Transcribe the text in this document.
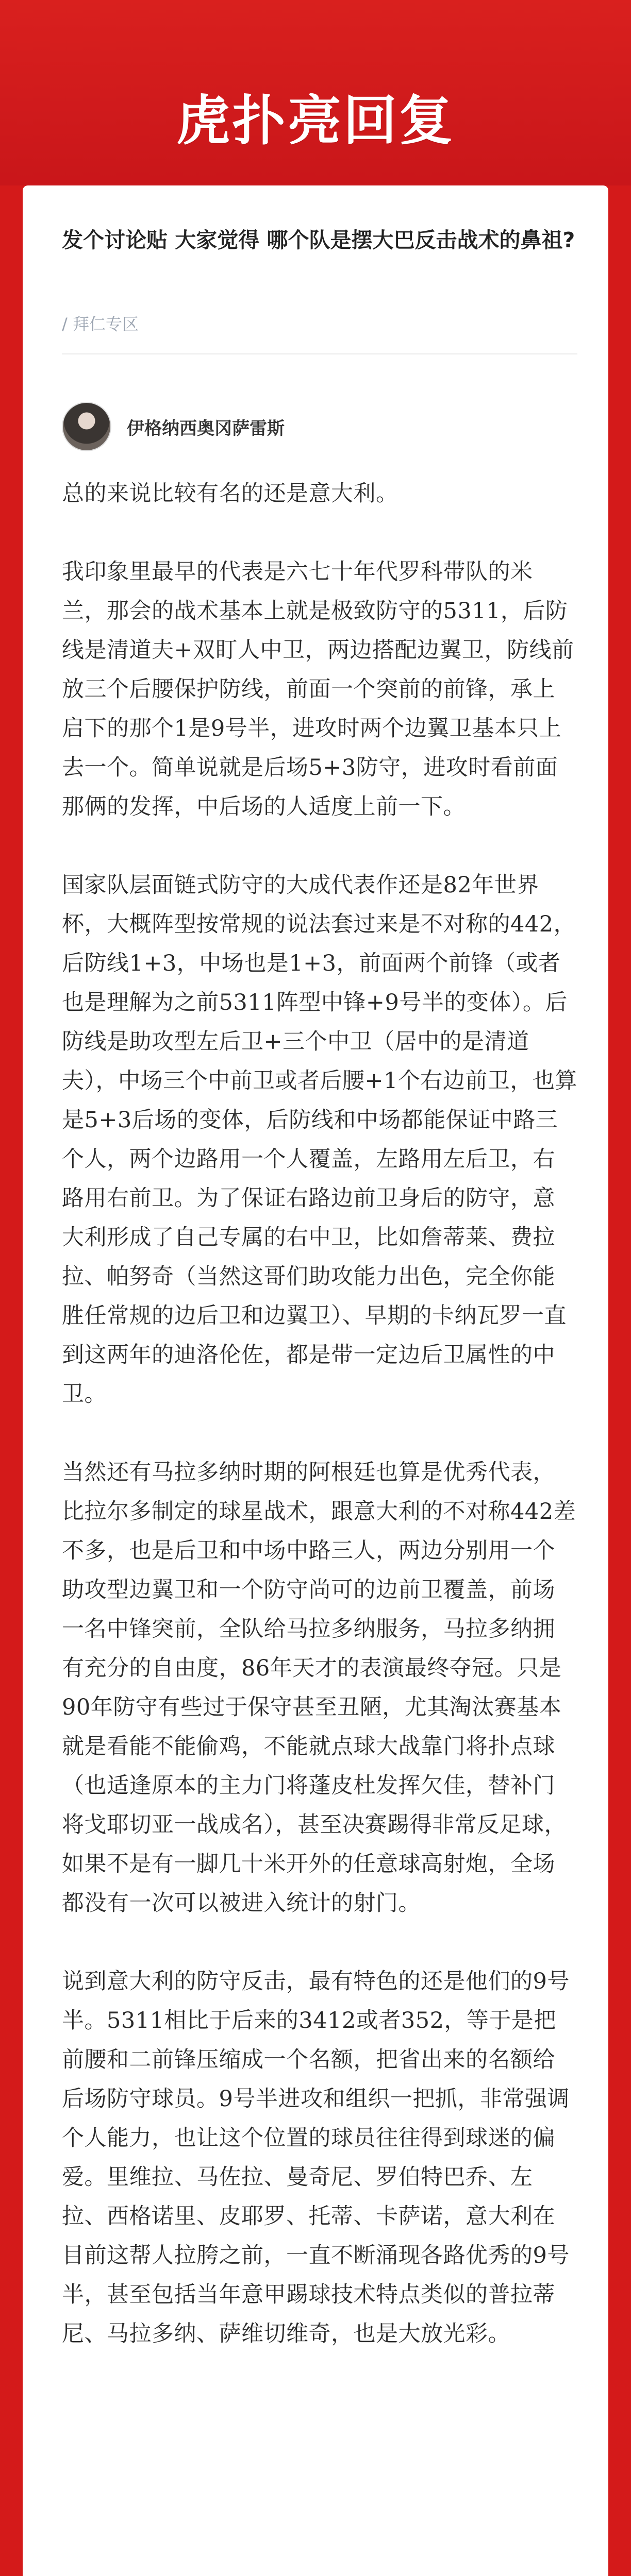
虎扑亮回复
发个讨论贴 大家觉得 哪个队是摆大巴反击战术的鼻祖?
/ 拜仁专区
伊格纳西奥冈萨雷斯

总的来说比较有名的还是意大利。

我印象里最早的代表是六七十年代罗科带队的米兰，那会的战术基本上就是极致防守的5311，后防线是清道夫+双盯人中卫，两边搭配边翼卫，防线前放三个后腰保护防线，前面一个突前的前锋，承上启下的那个1是9号半，进攻时两个边翼卫基本只上去一个。简单说就是后场5+3防守，进攻时看前面那俩的发挥，中后场的人适度上前一下。

国家队层面链式防守的大成代表作还是82年世界杯，大概阵型按常规的说法套过来是不对称的442，后防线1+3，中场也是1+3，前面两个前锋（或者也是理解为之前5311阵型中锋+9号半的变体）。后防线是助攻型左后卫+三个中卫（居中的是清道夫），中场三个中前卫或者后腰+1个右边前卫，也算是5+3后场的变体，后防线和中场都能保证中路三个人，两个边路用一个人覆盖，左路用左后卫，右路用右前卫。为了保证右路边前卫身后的防守，意大利形成了自己专属的右中卫，比如詹蒂莱、费拉拉、帕努奇（当然这哥们助攻能力出色，完全你能胜任常规的边后卫和边翼卫）、早期的卡纳瓦罗一直到这两年的迪洛伦佐，都是带一定边后卫属性的中卫。

当然还有马拉多纳时期的阿根廷也算是优秀代表，比拉尔多制定的球星战术，跟意大利的不对称442差不多，也是后卫和中场中路三人，两边分别用一个助攻型边翼卫和一个防守尚可的边前卫覆盖，前场一名中锋突前，全队给马拉多纳服务，马拉多纳拥有充分的自由度，86年天才的表演最终夺冠。只是90年防守有些过于保守甚至丑陋，尤其淘汰赛基本就是看能不能偷鸡，不能就点球大战靠门将扑点球（也适逢原本的主力门将蓬皮杜发挥欠佳，替补门将戈耶切亚一战成名），甚至决赛踢得非常反足球，如果不是有一脚几十米开外的任意球高射炮，全场都没有一次可以被进入统计的射门。

说到意大利的防守反击，最有特色的还是他们的9号半。5311相比于后来的3412或者352，等于是把前腰和二前锋压缩成一个名额，把省出来的名额给后场防守球员。9号半进攻和组织一把抓，非常强调个人能力，也让这个位置的球员往往得到球迷的偏爱。里维拉、马佐拉、曼奇尼、罗伯特巴乔、左拉、西格诺里、皮耶罗、托蒂、卡萨诺，意大利在目前这帮人拉胯之前，一直不断涌现各路优秀的9号半，甚至包括当年意甲踢球技术特点类似的普拉蒂尼、马拉多纳、萨维切维奇，也是大放光彩。
